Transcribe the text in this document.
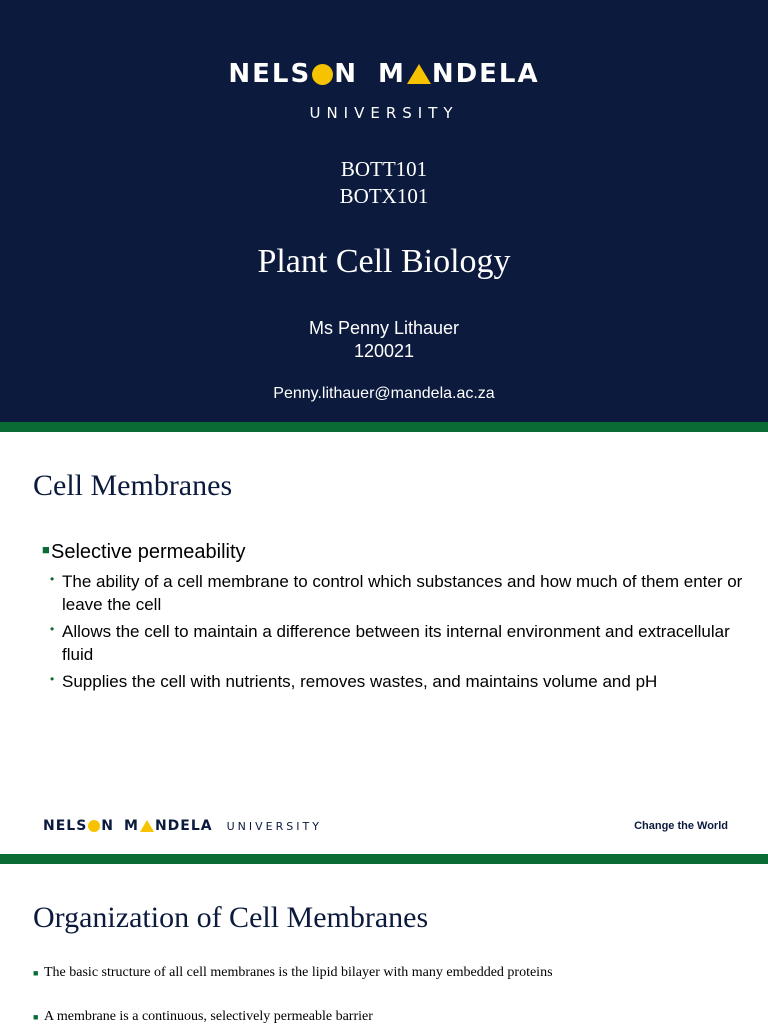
NELS N M NDELA
UNIVERSITY
BOTT101
BOTX101
Plant Cell Biology
Ms Penny Lithauer
120021
Penny.lithauer@mandela.ac.za
Cell Membranes
■ Selective permeability
• The ability of a cell membrane to control which substances and how much of them enter or leave the cell
• Allows the cell to maintain a difference between its internal environment and extracellular fluid
• Supplies the cell with nutrients, removes wastes, and maintains volume and pH
NELS N M NDELA UNIVERSITY	Change the World
Organization of Cell Membranes
■ The basic structure of all cell membranes is the lipid bilayer with many embedded proteins
■ A membrane is a continuous, selectively permeable barrier
